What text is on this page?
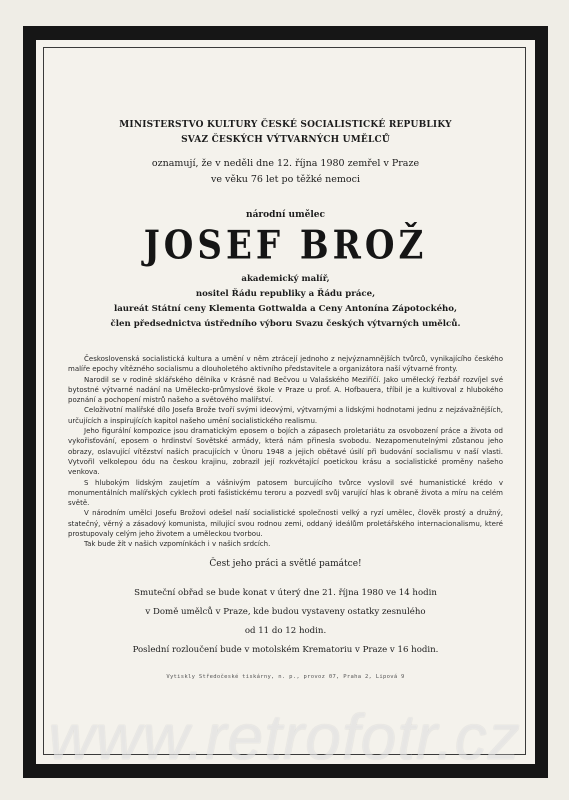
MINISTERSTVO KULTURY ČESKÉ SOCIALISTICKÉ REPUBLIKY
SVAZ ČESKÝCH VÝTVARNÝCH UMĚLCŮ
oznamují, že v neděli dne 12. října 1980 zemřel v Praze
ve věku 76 let po těžké nemoci
národní umělec
JOSEF BROŽ
akademický malíř,
nositel Řádu republiky a Řádu práce,
laureát Státní ceny Klementa Gottwalda a Ceny Antonína Zápotockého,
člen předsednictva ústředního výboru Svazu českých výtvarných umělců.

Československá socialistická kultura a umění v něm ztrácejí jednoho z nejvýznamnějších tvůrců, vynikajícího českého malíře epochy vítězného socialismu a dlouholetého aktivního představitele a organizátora naší výtvarné fronty.

Narodil se v rodině sklářského dělníka v Krásně nad Bečvou u Valašského Meziříčí. Jako umělecký řezbář rozvíjel své bytostné výtvarné nadání na Umělecko-průmyslové škole v Praze u prof. A. Hofbauera, tříbil je a kultivoval z hlubokého poznání a pochopení mistrů našeho a světového malířství.

Celoživotní malířské dílo Josefa Brože tvoří svými ideovými, výtvarnými a lidskými hodnotami jednu z nejzávažnějších, určujících a inspirujících kapitol našeho umění socialistického realismu.

Jeho figurální kompozice jsou dramatickým eposem o bojích a zápasech proletariátu za osvobození práce a života od vykořisťování, eposem o hrdinství Sovětské armády, která nám přinesla svobodu. Nezapomenutelnými zůstanou jeho obrazy, oslavující vítězství našich pracujících v Únoru 1948 a jejich obětavé úsilí při budování socialismu v naší vlasti. Vytvořil velkolepou ódu na českou krajinu, zobrazil její rozkvétající poetickou krásu a socialistické proměny našeho venkova.

S hlubokým lidským zaujetím a vášnivým patosem burcujícího tvůrce vyslovil své humanistické krédo v monumentálních malířských cyklech proti fašistickému teroru a pozvedl svůj varující hlas k obraně života a míru na celém světě.

V národním umělci Josefu Brožovi odešel naší socialistické společnosti velký a ryzí umělec, člověk prostý a družný, statečný, věrný a zásadový komunista, milující svou rodnou zemi, oddaný ideálům proletářského internacionalismu, které prostupovaly celým jeho životem a uměleckou tvorbou.

Tak bude žít v našich vzpomínkách i v našich srdcích.

Čest jeho práci a světlé památce!
Smuteční obřad se bude konat v úterý dne 21. října 1980 ve 14 hodin
v Domě umělců v Praze, kde budou vystaveny ostatky zesnulého
od 11 do 12 hodin.
Poslední rozloučení bude v motolském Krematoriu v Praze v 16 hodin.
Vytiskly Středočeské tiskárny, n. p., provoz 07, Praha 2, Lipová 9
www.retrofotr.cz
